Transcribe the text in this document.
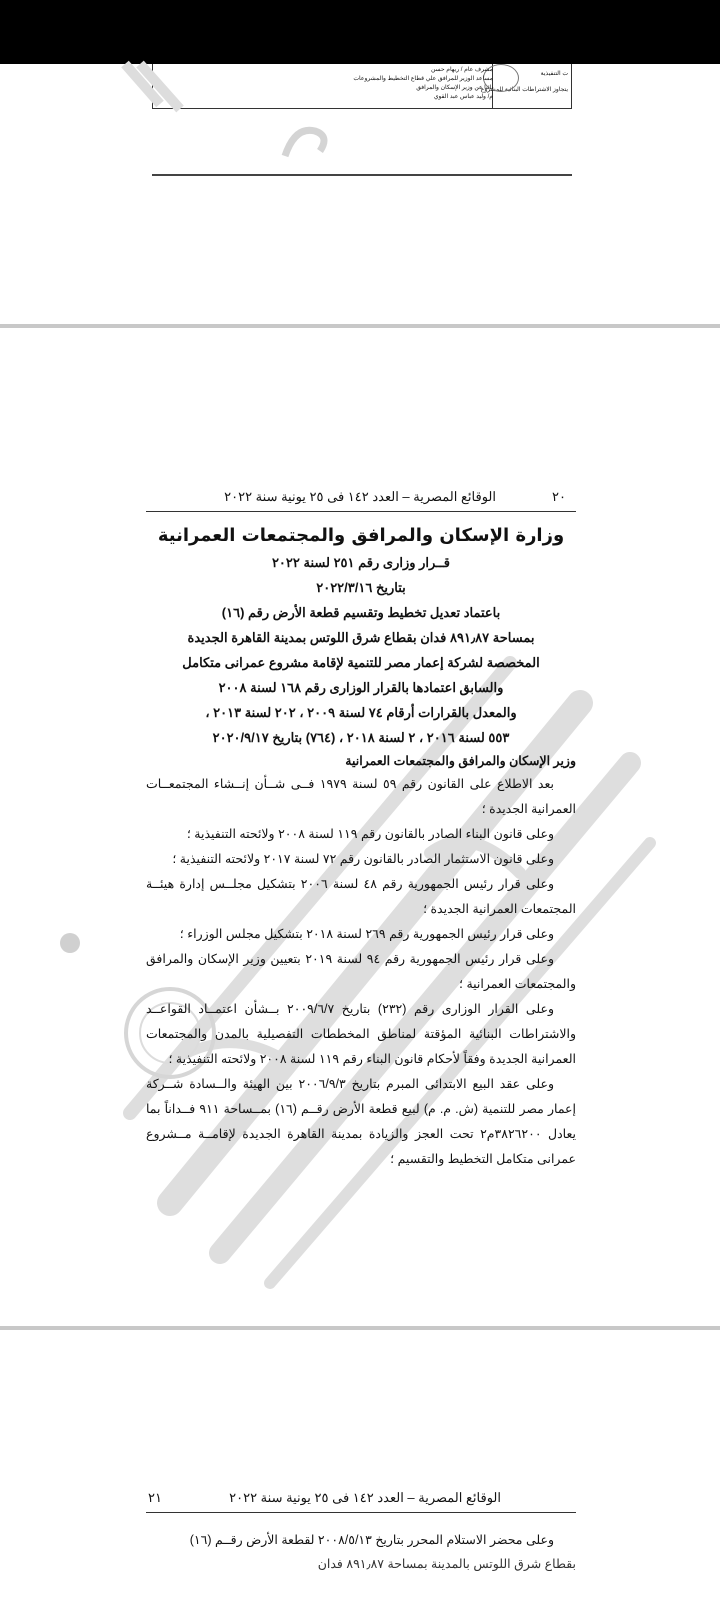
ت التنفيذية
يتجاوز الاشتراطات البنائية للمشروع
مشرف عام / ريهام حسن
مساعد الوزير للمرافق علي قطاع التخطيط والمشروعات
نائبا عن وزير الإسكان والمرافق
م/ وليد عباس عبد القوي
٢٠
الوقائع المصرية – العدد ١٤٢ فى ٢٥ يونية سنة ٢٠٢٢
وزارة الإسكان والمرافق والمجتمعات العمرانية
قــرار وزارى رقم ٢٥١ لسنة ٢٠٢٢
بتاريخ ٢٠٢٢/٣/١٦
باعتماد تعديل تخطيط وتقسيم قطعة الأرض رقم (١٦)
بمساحة ٨٩١٫٨٧ فدان بقطاع شرق اللوتس بمدينة القاهرة الجديدة
المخصصة لشركة إعمار مصر للتنمية لإقامة مشروع عمرانى متكامل
والسابق اعتمادها بالقرار الوزارى رقم ١٦٨ لسنة ٢٠٠٨
والمعدل بالقرارات أرقام ٧٤ لسنة ٢٠٠٩ ، ٢٠٢ لسنة ٢٠١٣ ،
٥٥٣ لسنة ٢٠١٦ ، ٢ لسنة ٢٠١٨ ، (٧٦٤) بتاريخ ٢٠٢٠/٩/١٧
وزير الإسكان والمرافق والمجتمعات العمرانية

بعد الاطلاع على القانون رقم ٥٩ لسنة ١٩٧٩ فــى شــأن إنــشاء المجتمعــات العمرانية الجديدة ؛

وعلى قانون البناء الصادر بالقانون رقم ١١٩ لسنة ٢٠٠٨ ولائحته التنفيذية ؛

وعلى قانون الاستثمار الصادر بالقانون رقم ٧٢ لسنة ٢٠١٧ ولائحته التنفيذية ؛

وعلى قرار رئيس الجمهورية رقم ٤٨ لسنة ٢٠٠٦ بتشكيل مجلــس إدارة هيئــة المجتمعات العمرانية الجديدة ؛

وعلى قرار رئيس الجمهورية رقم ٢٦٩ لسنة ٢٠١٨ بتشكيل مجلس الوزراء ؛

وعلى قرار رئيس الجمهورية رقم ٩٤ لسنة ٢٠١٩ بتعيين وزير الإسكان والمرافق والمجتمعات العمرانية ؛

وعلى القرار الوزارى رقم (٢٣٢) بتاريخ ٢٠٠٩/٦/٧ بــشأن اعتمــاد القواعــد والاشتراطات البنائية المؤقتة لمناطق المخططات التفصيلية بالمدن والمجتمعات العمرانية الجديدة وفقاً لأحكام قانون البناء رقم ١١٩ لسنة ٢٠٠٨ ولائحته التنفيذية ؛

وعلى عقد البيع الابتدائى المبرم بتاريخ ٢٠٠٦/٩/٣ بين الهيئة والــسادة شــركة إعمار مصر للتنمية (ش. م. م) لبيع قطعة الأرض رقــم (١٦) بمــساحة ٩١١ فــداناً بما يعادل ٣٨٢٦٢٠٠م٢ تحت العجز والزيادة بمدينة القاهرة الجديدة لإقامــة مــشروع عمرانى متكامل التخطيط والتقسيم ؛

الوقائع المصرية – العدد ١٤٢ فى ٢٥ يونية سنة ٢٠٢٢
٢١
وعلى محضر الاستلام المحرر بتاريخ ٢٠٠٨/٥/١٣ لقطعة الأرض رقــم (١٦)
بقطاع شرق اللوتس بالمدينة بمساحة ٨٩١٫٨٧ فدان
